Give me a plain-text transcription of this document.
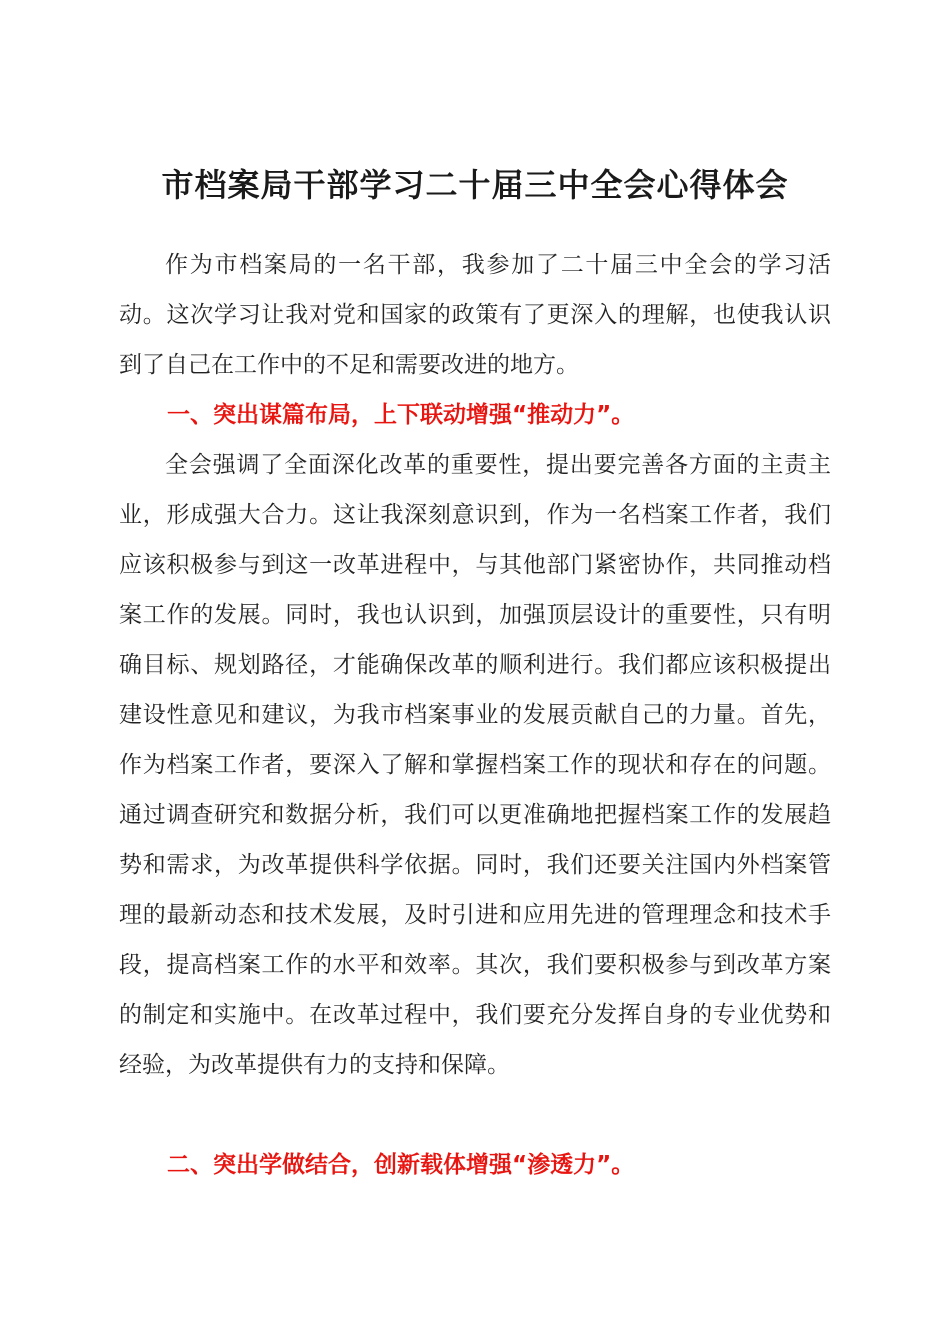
市档案局干部学习二十届三中全会心得体会

作为市档案局的一名干部，我参加了二十届三中全会的学习活动。这次学习让我对党和国家的政策有了更深入的理解，也使我认识到了自己在工作中的不足和需要改进的地方。

一、突出谋篇布局，上下联动增强“推动力”。

全会强调了全面深化改革的重要性，提出要完善各方面的主责主业，形成强大合力。这让我深刻意识到，作为一名档案工作者，我们应该积极参与到这一改革进程中，与其他部门紧密协作，共同推动档案工作的发展。同时，我也认识到，加强顶层设计的重要性，只有明确目标、规划路径，才能确保改革的顺利进行。我们都应该积极提出建设性意见和建议，为我市档案事业的发展贡献自己的力量。首先，作为档案工作者，要深入了解和掌握档案工作的现状和存在的问题。通过调查研究和数据分析，我们可以更准确地把握档案工作的发展趋势和需求，为改革提供科学依据。同时，我们还要关注国内外档案管理的最新动态和技术发展，及时引进和应用先进的管理理念和技术手段，提高档案工作的水平和效率。其次，我们要积极参与到改革方案的制定和实施中。在改革过程中，我们要充分发挥自身的专业优势和经验，为改革提供有力的支持和保障。

二、突出学做结合，创新载体增强“渗透力”。
